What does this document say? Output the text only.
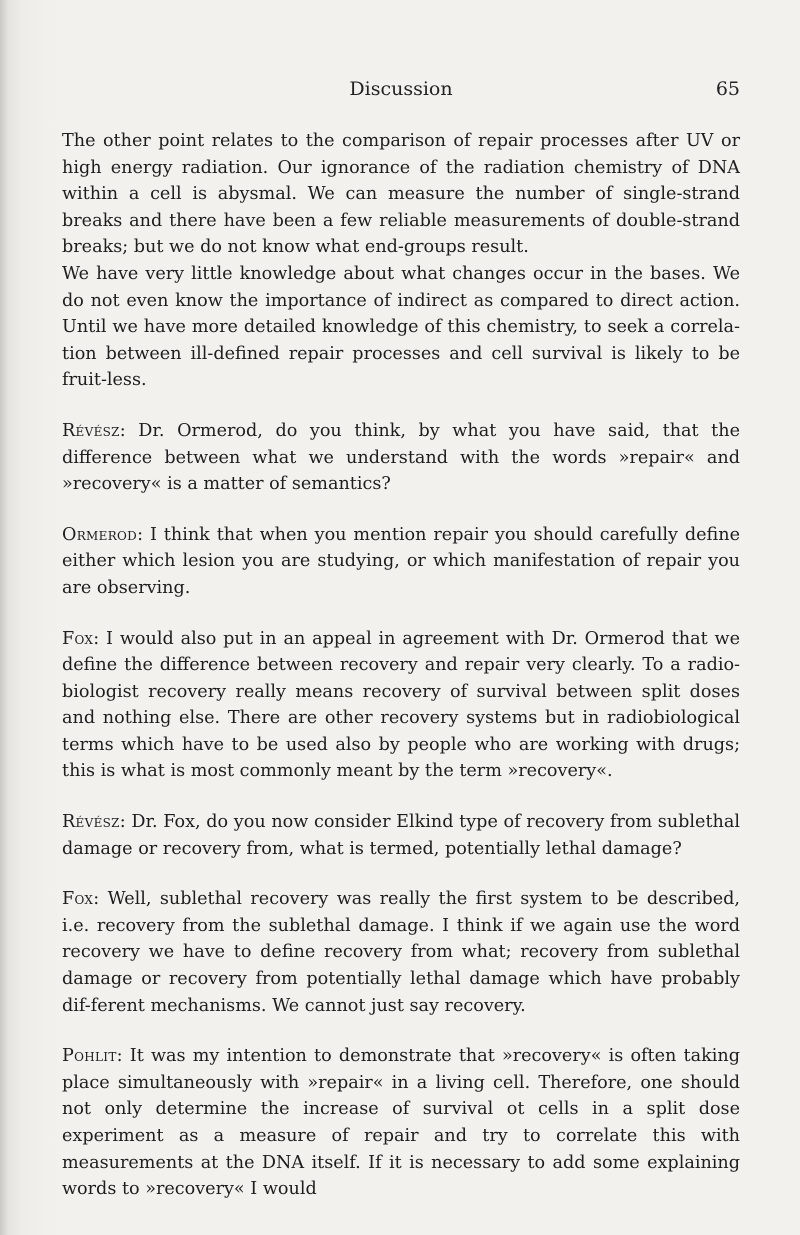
Discussion	65

The other point relates to the comparison of repair processes after UV or high energy radiation. Our ignorance of the radiation chemistry of DNA within a cell is abysmal. We can measure the number of single-strand breaks and there have been a few reliable measurements of double-strand breaks; but we do not know what end-groups result.

We have very little knowledge about what changes occur in the bases. We do not even know the importance of indirect as compared to direct action. Until we have more detailed knowledge of this chemistry, to seek a correla-tion between ill-defined repair processes and cell survival is likely to be fruit-less.

Révész: Dr. Ormerod, do you think, by what you have said, that the difference between what we understand with the words »repair« and »recovery« is a matter of semantics?

Ormerod: I think that when you mention repair you should carefully define either which lesion you are studying, or which manifestation of repair you are observing.

Fox: I would also put in an appeal in agreement with Dr. Ormerod that we define the difference between recovery and repair very clearly. To a radio-biologist recovery really means recovery of survival between split doses and nothing else. There are other recovery systems but in radiobiological terms which have to be used also by people who are working with drugs; this is what is most commonly meant by the term »recovery«.

Révész: Dr. Fox, do you now consider Elkind type of recovery from sublethal damage or recovery from, what is termed, potentially lethal damage?

Fox: Well, sublethal recovery was really the first system to be described, i.e. recovery from the sublethal damage. I think if we again use the word recovery we have to define recovery from what; recovery from sublethal damage or recovery from potentially lethal damage which have probably dif-ferent mechanisms. We cannot just say recovery.

Pohlit: It was my intention to demonstrate that »recovery« is often taking place simultaneously with »repair« in a living cell. Therefore, one should not only determine the increase of survival ot cells in a split dose experiment as a measure of repair and try to correlate this with measurements at the DNA itself. If it is necessary to add some explaining words to »recovery« I would
